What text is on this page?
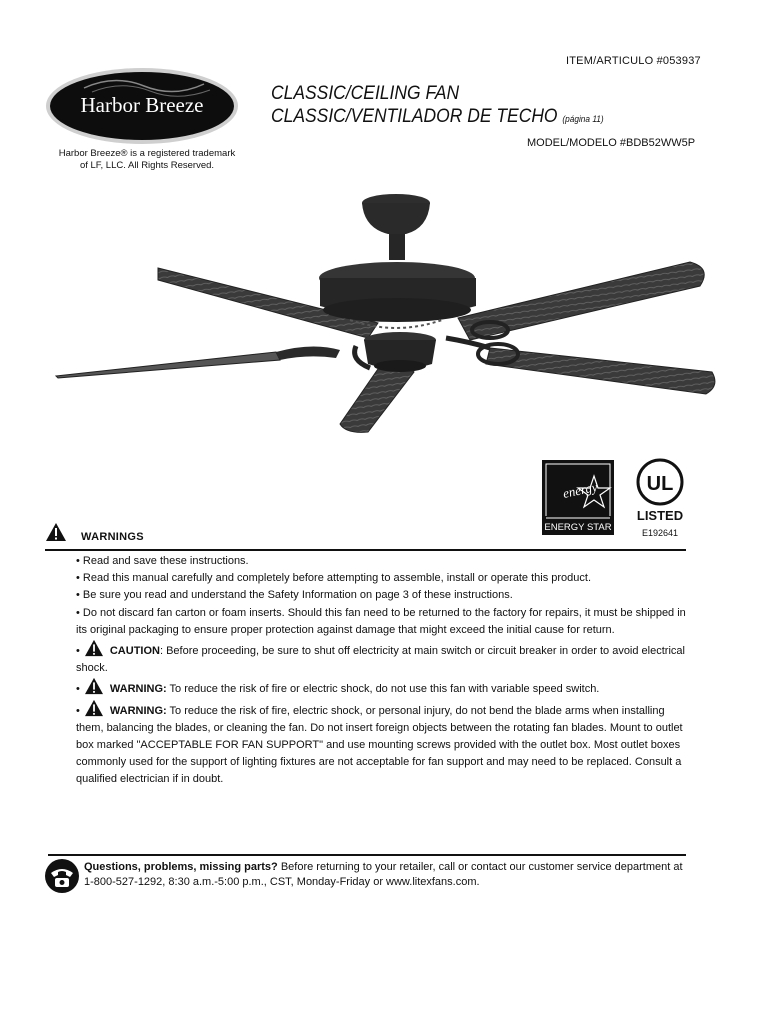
ITEM/ARTICULO #053937
Harbor Breeze
Harbor Breeze® is a registered trademark
of LF, LLC. All Rights Reserved.
CLASSIC/CEILING FAN
CLASSIC/VENTILADOR DE TECHO (página 11)
MODEL/MODELO #BDB52WW5P
energy
ENERGY STAR
UL
LISTED
E192641
WARNINGS

• Read and save these instructions.

• Read this manual carefully and completely before attempting to assemble, install or operate this product.

• Be sure you read and understand the Safety Information on page 3 of these instructions.

• Do not discard fan carton or foam inserts. Should this fan need to be returned to the factory for repairs, it must be shipped in its original packaging to ensure proper protection against damage that might exceed the initial cause for return.

•	CAUTION: Before proceeding, be sure to shut off electricity at main switch or circuit breaker in order to avoid electrical shock.

•	WARNING: To reduce the risk of fire or electric shock, do not use this fan with variable speed switch.

•	WARNING: To reduce the risk of fire, electric shock, or personal injury, do not bend the blade arms when installing them, balancing the blades, or cleaning the fan. Do not insert foreign objects between the rotating fan blades. Mount to outlet box marked "ACCEPTABLE FOR FAN SUPPORT" and use mounting screws provided with the outlet box. Most outlet boxes commonly used for the support of lighting fixtures are not acceptable for fan support and may need to be replaced. Consult a qualified electrician if in doubt.

Questions, problems, missing parts? Before returning to your retailer, call or contact our customer service department at 1-800-527-1292, 8:30 a.m.-5:00 p.m., CST, Monday-Friday or www.litexfans.com.
